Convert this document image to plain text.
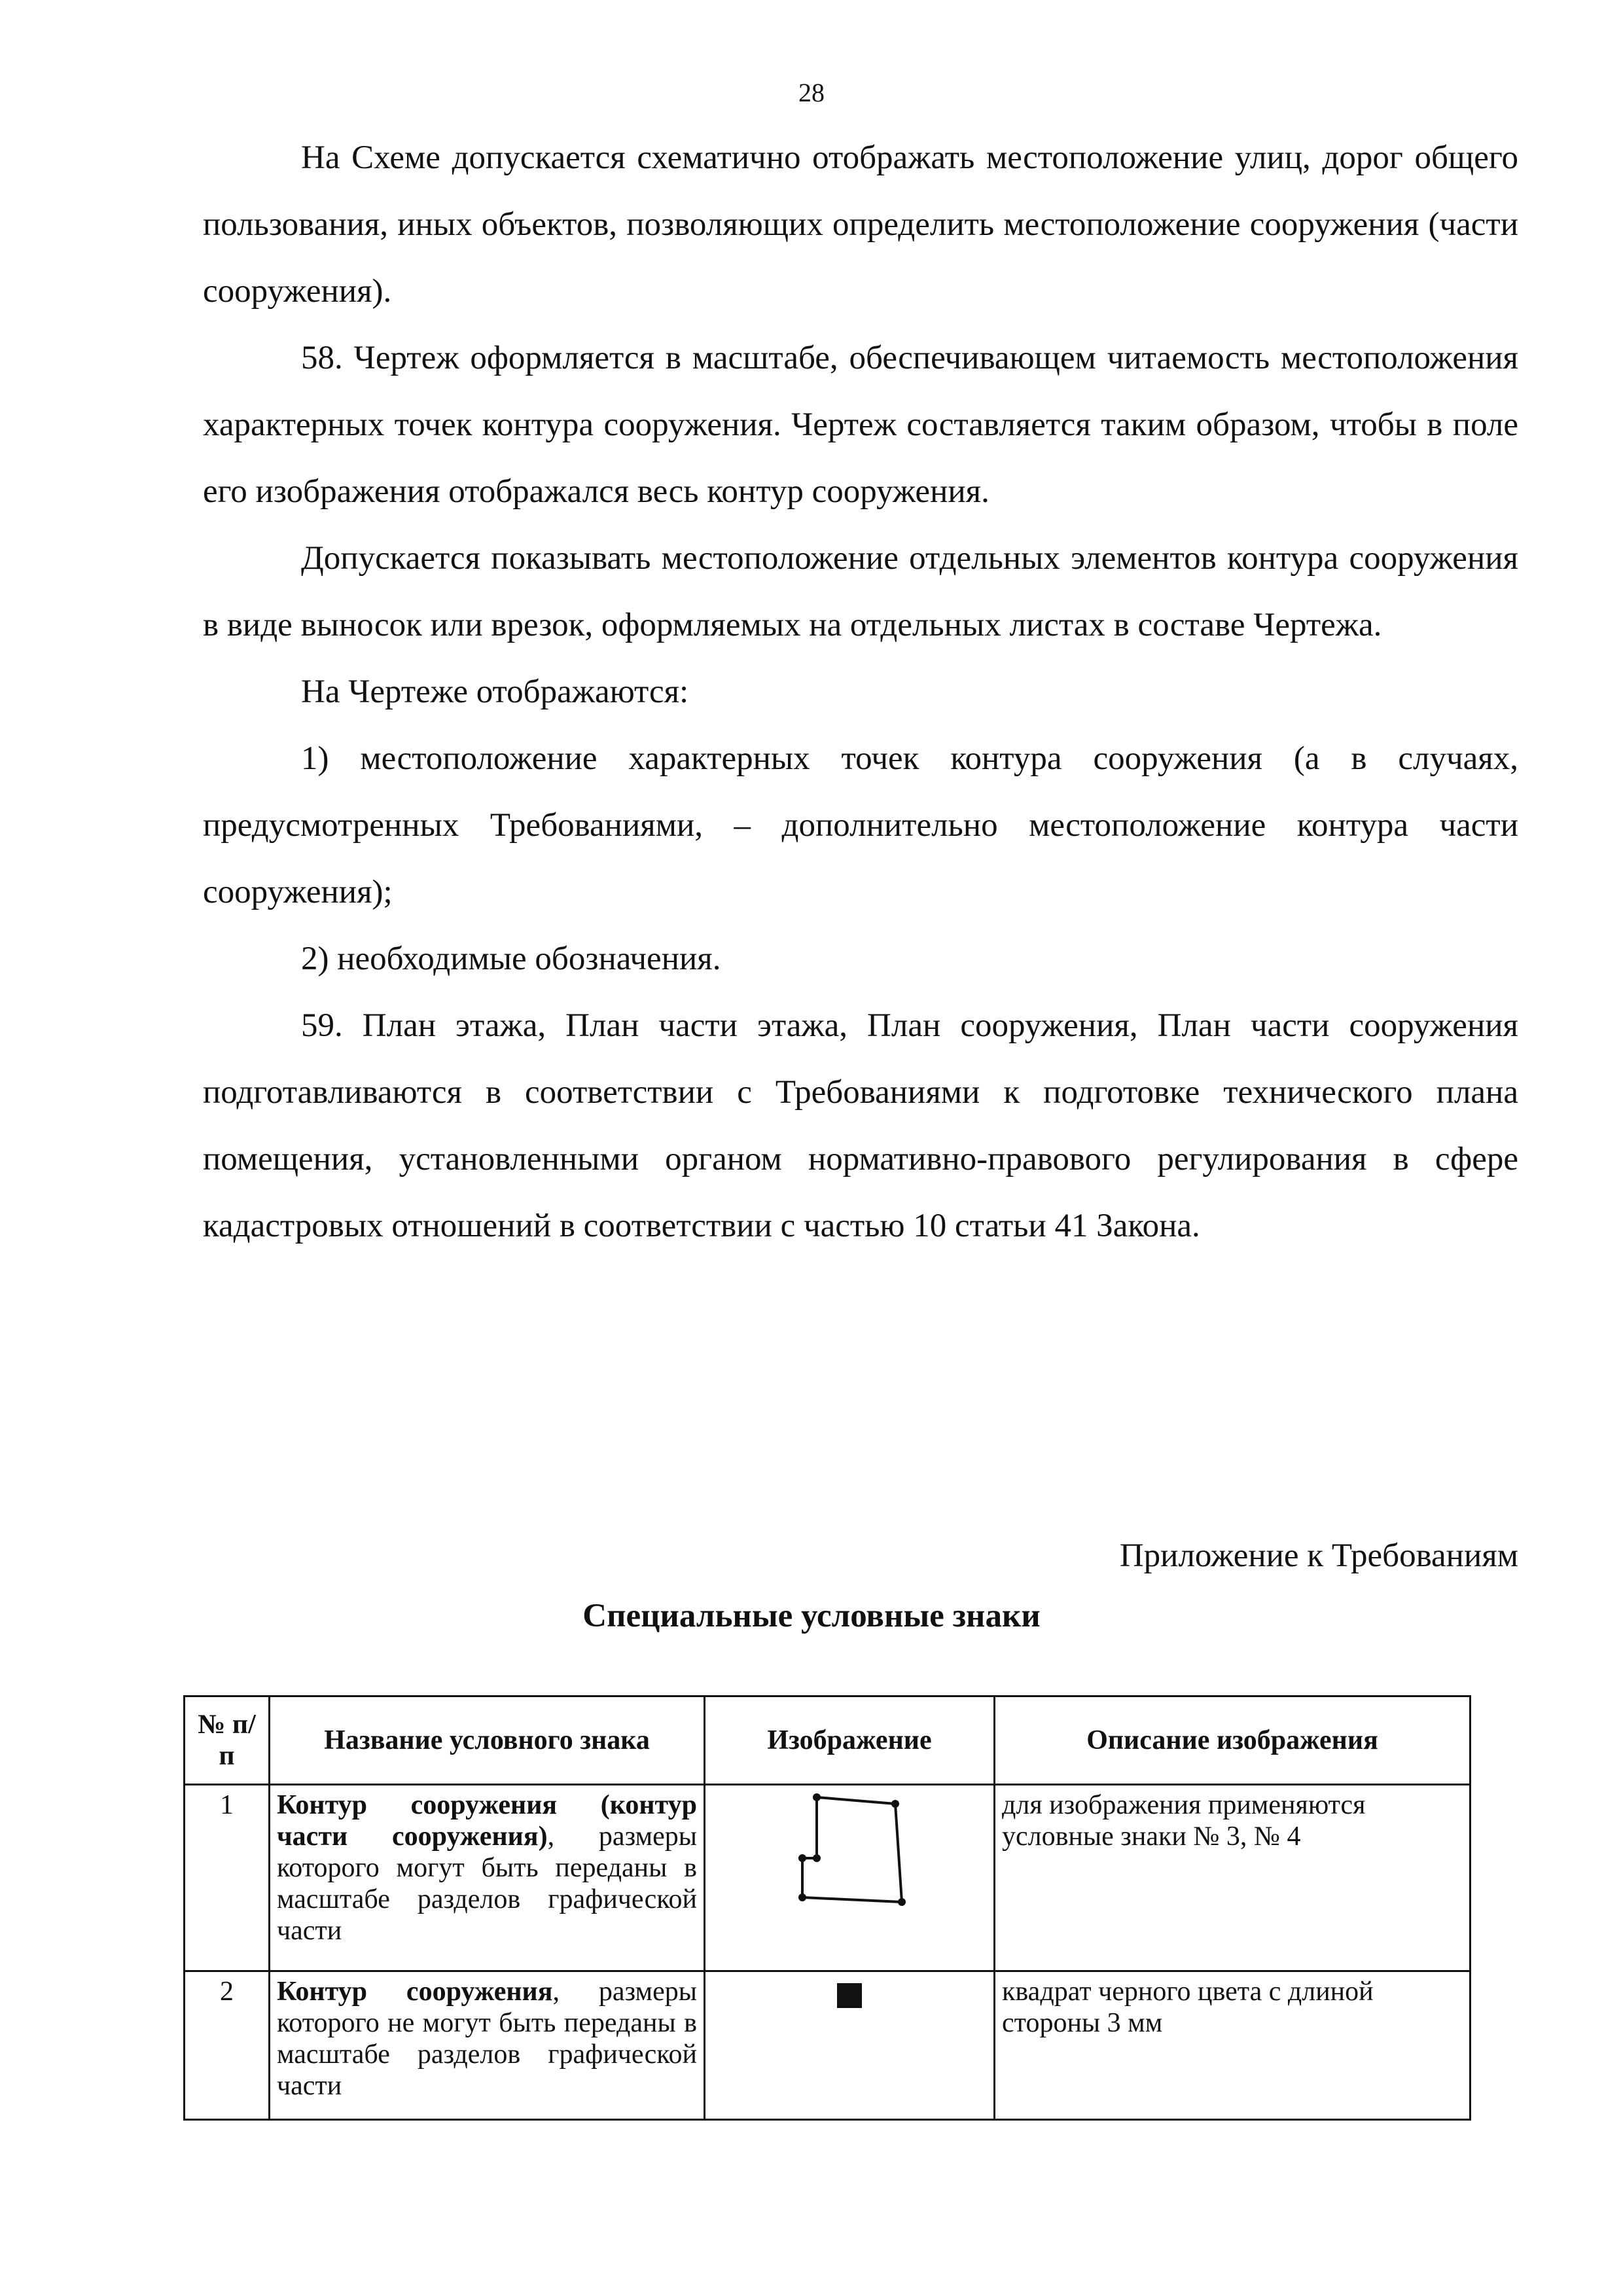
28

На Схеме допускается схематично отображать местоположение улиц, дорог общего пользования, иных объектов, позволяющих определить местоположение сооружения (части сооружения).

58. Чертеж оформляется в масштабе, обеспечивающем читаемость местоположения характерных точек контура сооружения. Чертеж составляется таким образом, чтобы в поле его изображения отображался весь контур сооружения.

Допускается показывать местоположение отдельных элементов контура сооружения в виде выносок или врезок, оформляемых на отдельных листах в составе Чертежа.

На Чертеже отображаются:

1) местоположение характерных точек контура сооружения (а в случаях, предусмотренных Требованиями, – дополнительно местоположение контура части сооружения);

2) необходимые обозначения.

59. План этажа, План части этажа, План сооружения, План части сооружения подготавливаются в соответствии с Требованиями к подготовке технического плана помещения, установленными органом нормативно-правового регулирования в сфере кадастровых отношений в соответствии с частью 10 статьи 41 Закона.

Приложение к Требованиям
Специальные условные знаки
№ п/п	Название условного знака	Изображение	Описание изображения
1	Контур сооружения (контур части сооружения), размеры которого могут быть переданы в масштабе разделов графической части		для изображения применяются условные знаки № 3, № 4
2	Контур сооружения, размеры которого не могут быть переданы в масштабе разделов графической части		квадрат черного цвета с длиной стороны 3 мм
